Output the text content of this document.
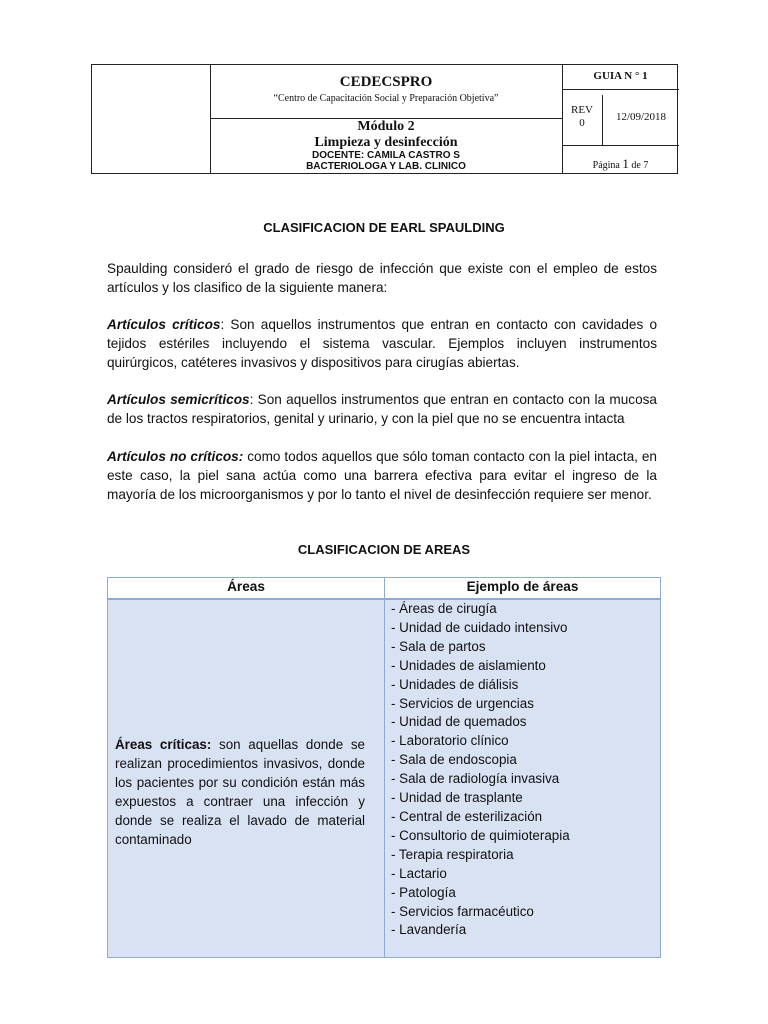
CEDECSPRO
“Centro de Capacitación Social y Preparación Objetiva”
Módulo 2
Limpieza y desinfección
DOCENTE: CAMILA CASTRO S
BACTERIOLOGA Y LAB. CLINICO
GUIA N ° 1
REV
0	12/09/2018
Página 1 de 7
CLASIFICACION DE EARL SPAULDING

Spaulding consideró el grado de riesgo de infección que existe con el empleo de estos artículos y los clasifico de la siguiente manera:

Artículos críticos: Son aquellos instrumentos que entran en contacto con cavidades o tejidos estériles incluyendo el sistema vascular. Ejemplos incluyen instrumentos quirúrgicos, catéteres invasivos y dispositivos para cirugías abiertas.

Artículos semicríticos: Son aquellos instrumentos que entran en contacto con la mucosa de los tractos respiratorios, genital y urinario, y con la piel que no se encuentra intacta

Artículos no críticos: como todos aquellos que sólo toman contacto con la piel intacta, en este caso, la piel sana actúa como una barrera efectiva para evitar el ingreso de la mayoría de los microorganismos y por lo tanto el nivel de desinfección requiere ser menor.

CLASIFICACION DE AREAS
Áreas	Ejemplo de áreas

Áreas críticas: son aquellas donde se realizan procedimientos invasivos, donde los pacientes por su condición están más expuestos a contraer una infección y donde se realiza el lavado de material contaminado

- Áreas de cirugía
- Unidad de cuidado intensivo
- Sala de partos
- Unidades de aislamiento
- Unidades de diálisis
- Servicios de urgencias
- Unidad de quemados
- Laboratorio clínico
- Sala de endoscopia
- Sala de radiología invasiva
- Unidad de trasplante
- Central de esterilización
- Consultorio de quimioterapia
- Terapia respiratoria
- Lactario
- Patología
- Servicios farmacéutico
- Lavandería
